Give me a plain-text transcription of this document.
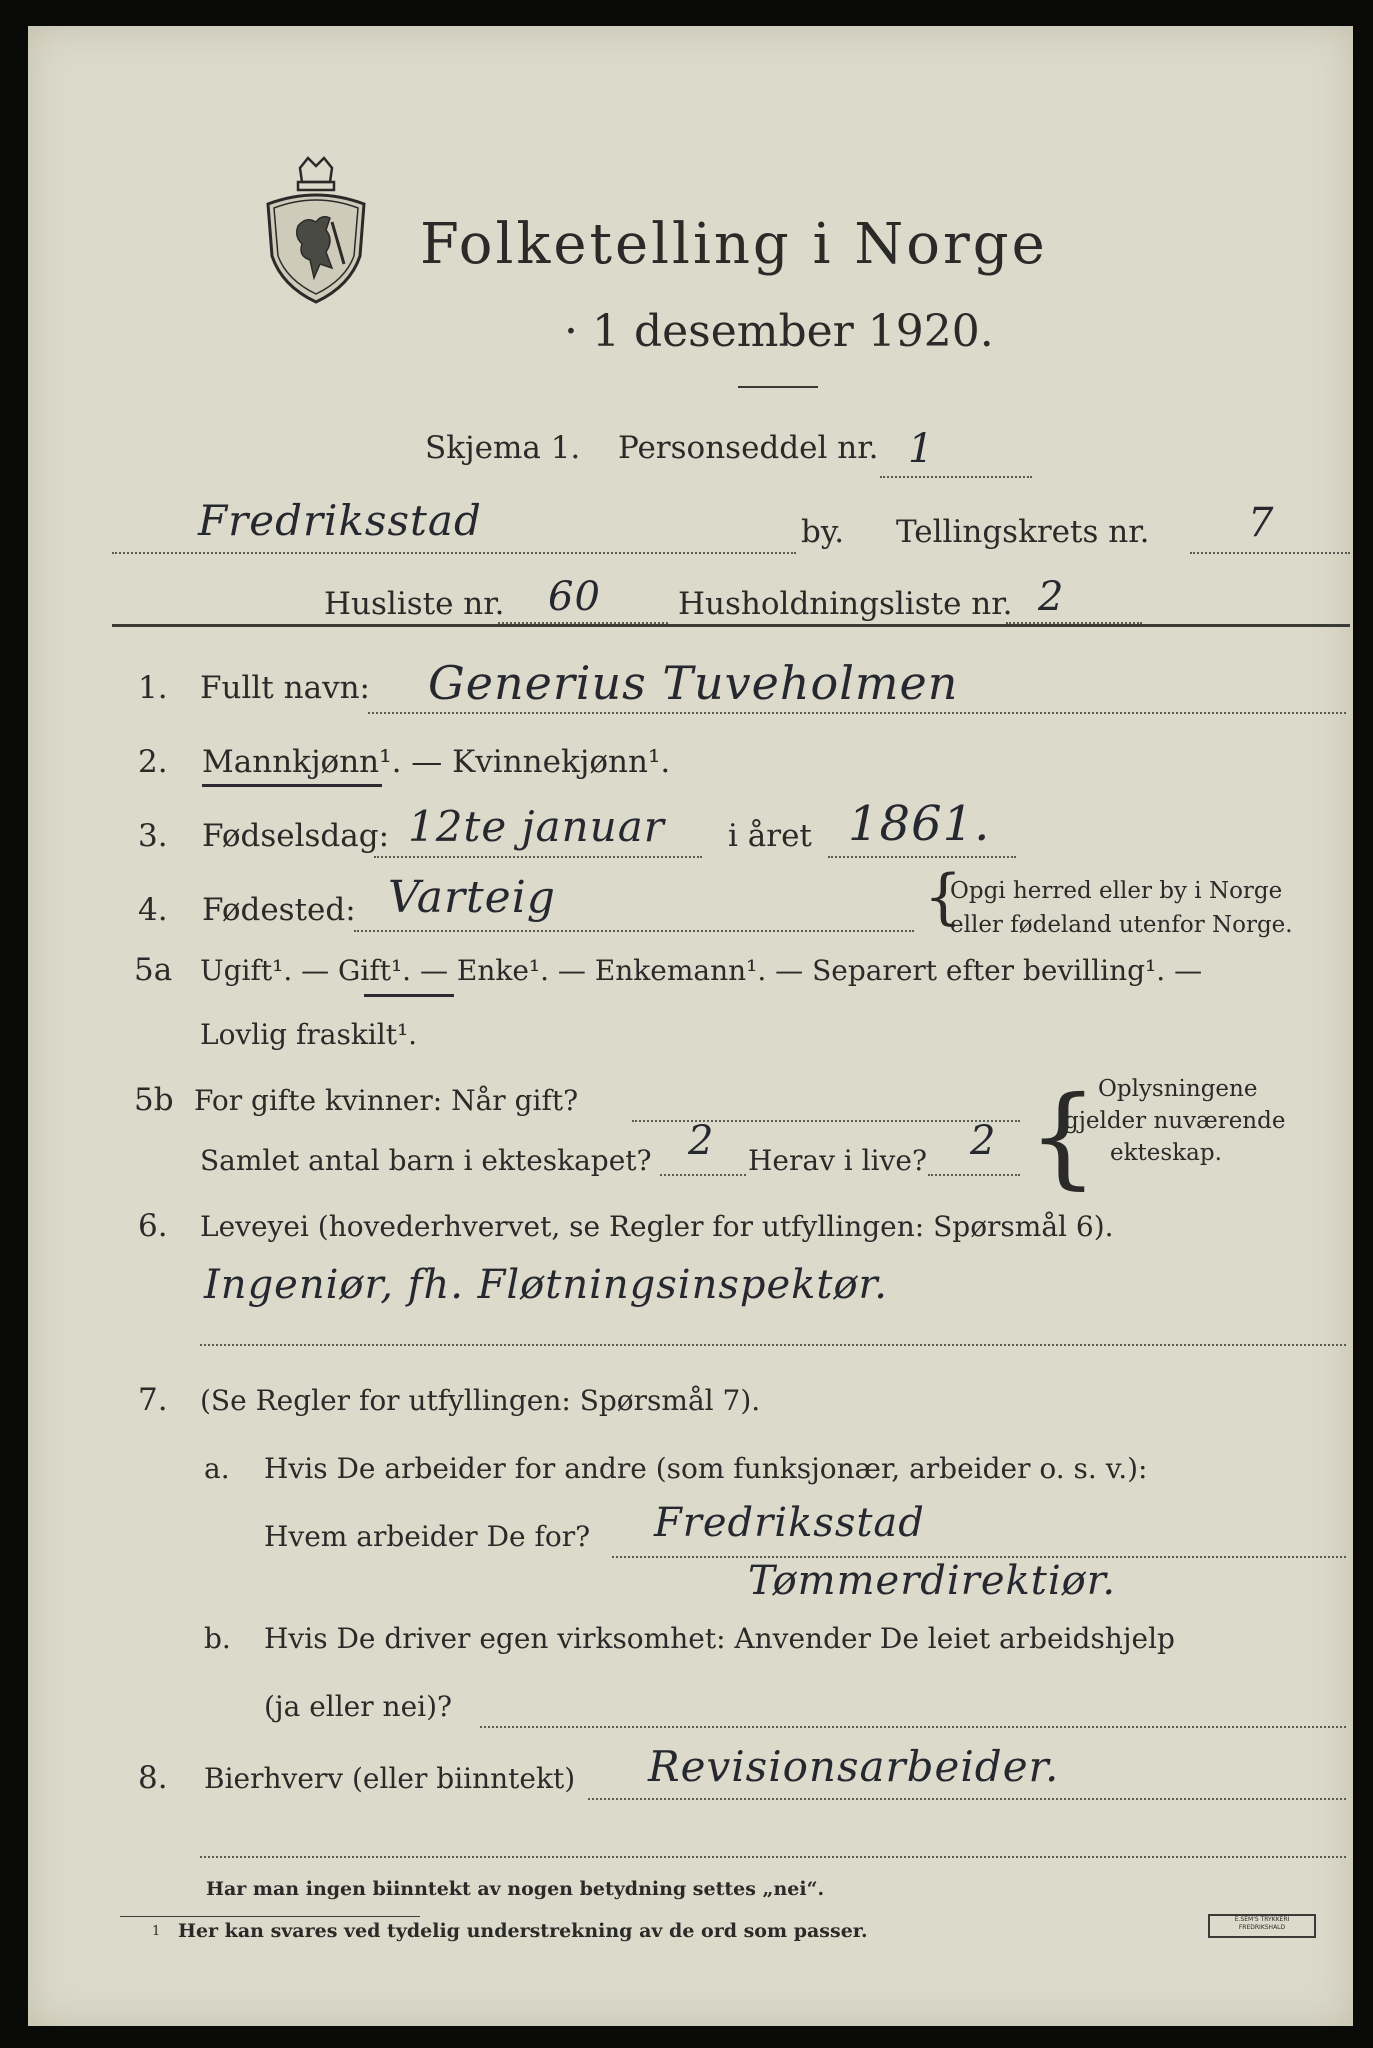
Folketelling i Norge
· 1 desember 1920.
Skjema 1. Personseddel nr. 1
Fredriksstad	by. Tellingskrets nr. 7
Husliste nr. 60 Husholdningsliste nr. 2
1. Fullt navn: Generius Tuveholmen
2. Mannkjønn¹. — Kvinnekjønn¹.
3. Fødselsdag: 12te januar i året 1861.
4. Fødested: Varteig	{
Opgi herred eller by i Norge
eller fødeland utenfor Norge.
5a Ugift¹. — Gift¹. — Enke¹. — Enkemann¹. — Separert efter bevilling¹. —
Lovlig fraskilt¹.
5b For gifte kvinner: Når gift?
Samlet antal barn i ekteskapet? 2 Herav i live? 2 { Oplysningene
gjelder nuværende
ekteskap.
6. Leveyei (hovederhvervet, se Regler for utfyllingen: Spørsmål 6).
Ingeniør, fh. Fløtningsinspektør.
7. (Se Regler for utfyllingen: Spørsmål 7).
a. Hvis De arbeider for andre (som funksjonær, arbeider o. s. v.):
Hvem arbeider De for? Fredriksstad
Tømmerdirektiør.
b. Hvis De driver egen virksomhet: Anvender De leiet arbeidshjelp
(ja eller nei)?
8. Bierhverv (eller biinntekt) Revisionsarbeider.
Har man ingen biinntekt av nogen betydning settes „nei“.
1 Her kan svares ved tydelig understrekning av de ord som passer.
E.SEM'S TRYKKERI
FREDRIKSHALD
